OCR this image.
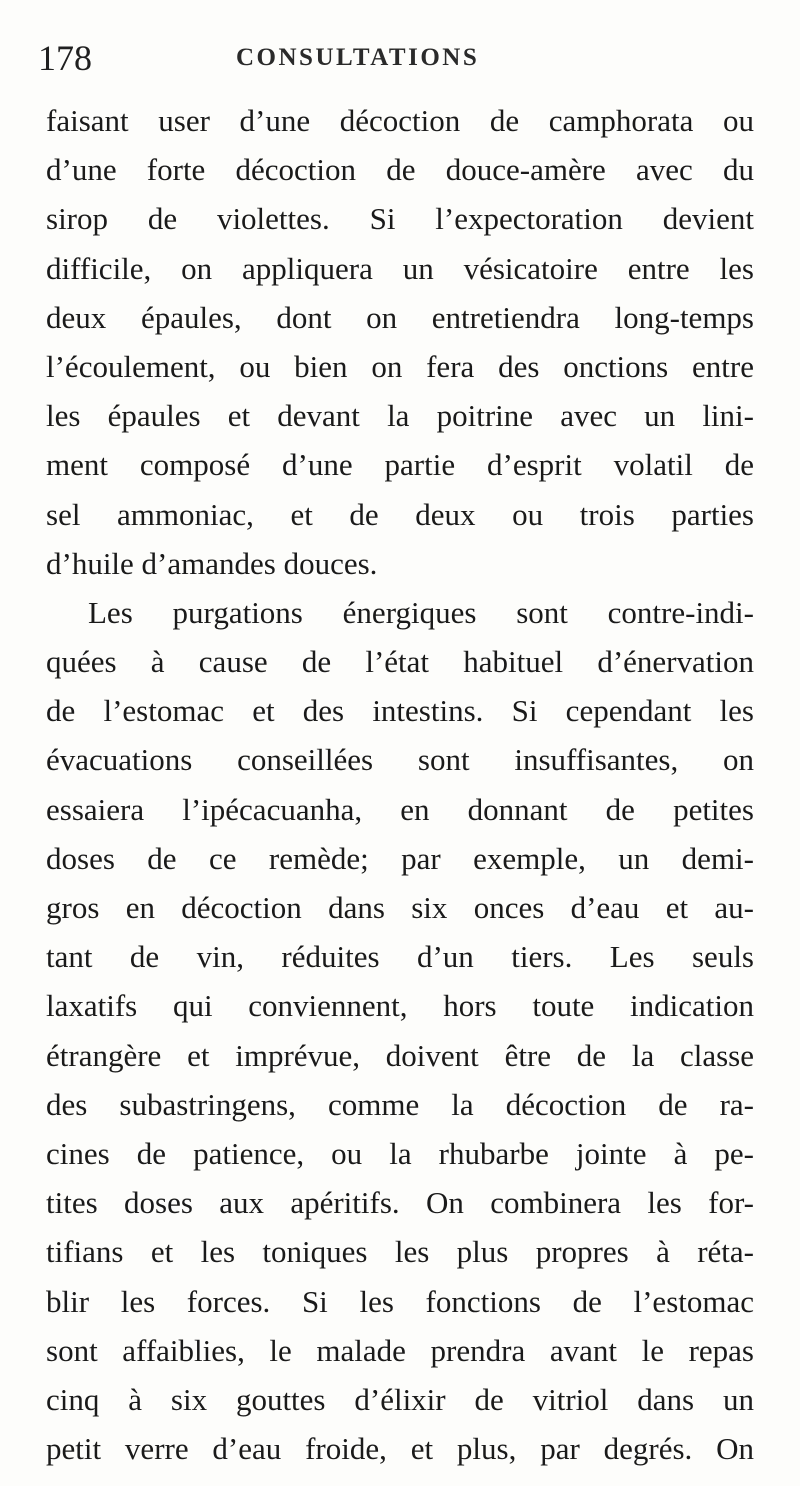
178	CONSULTATIONS
faisant user d’une décoction de camphorata ou
d’une forte décoction de douce-amère avec du
sirop de violettes. Si l’expectoration devient
difficile, on appliquera un vésicatoire entre les
deux épaules, dont on entretiendra long-temps
l’écoulement, ou bien on fera des onctions entre
les épaules et devant la poitrine avec un lini-
ment composé d’une partie d’esprit volatil de
sel ammoniac, et de deux ou trois parties
d’huile d’amandes douces.
Les purgations énergiques sont contre-indi-
quées à cause de l’état habituel d’énervation
de l’estomac et des intestins. Si cependant les
évacuations conseillées sont insuffisantes, on
essaiera l’ipécacuanha, en donnant de petites
doses de ce remède; par exemple, un demi-
gros en décoction dans six onces d’eau et au-
tant de vin, réduites d’un tiers. Les seuls
laxatifs qui conviennent, hors toute indication
étrangère et imprévue, doivent être de la classe
des subastringens, comme la décoction de ra-
cines de patience, ou la rhubarbe jointe à pe-
tites doses aux apéritifs. On combinera les for-
tifians et les toniques les plus propres à réta-
blir les forces. Si les fonctions de l’estomac
sont affaiblies, le malade prendra avant le repas
cinq à six gouttes d’élixir de vitriol dans un
petit verre d’eau froide, et plus, par degrés. On
